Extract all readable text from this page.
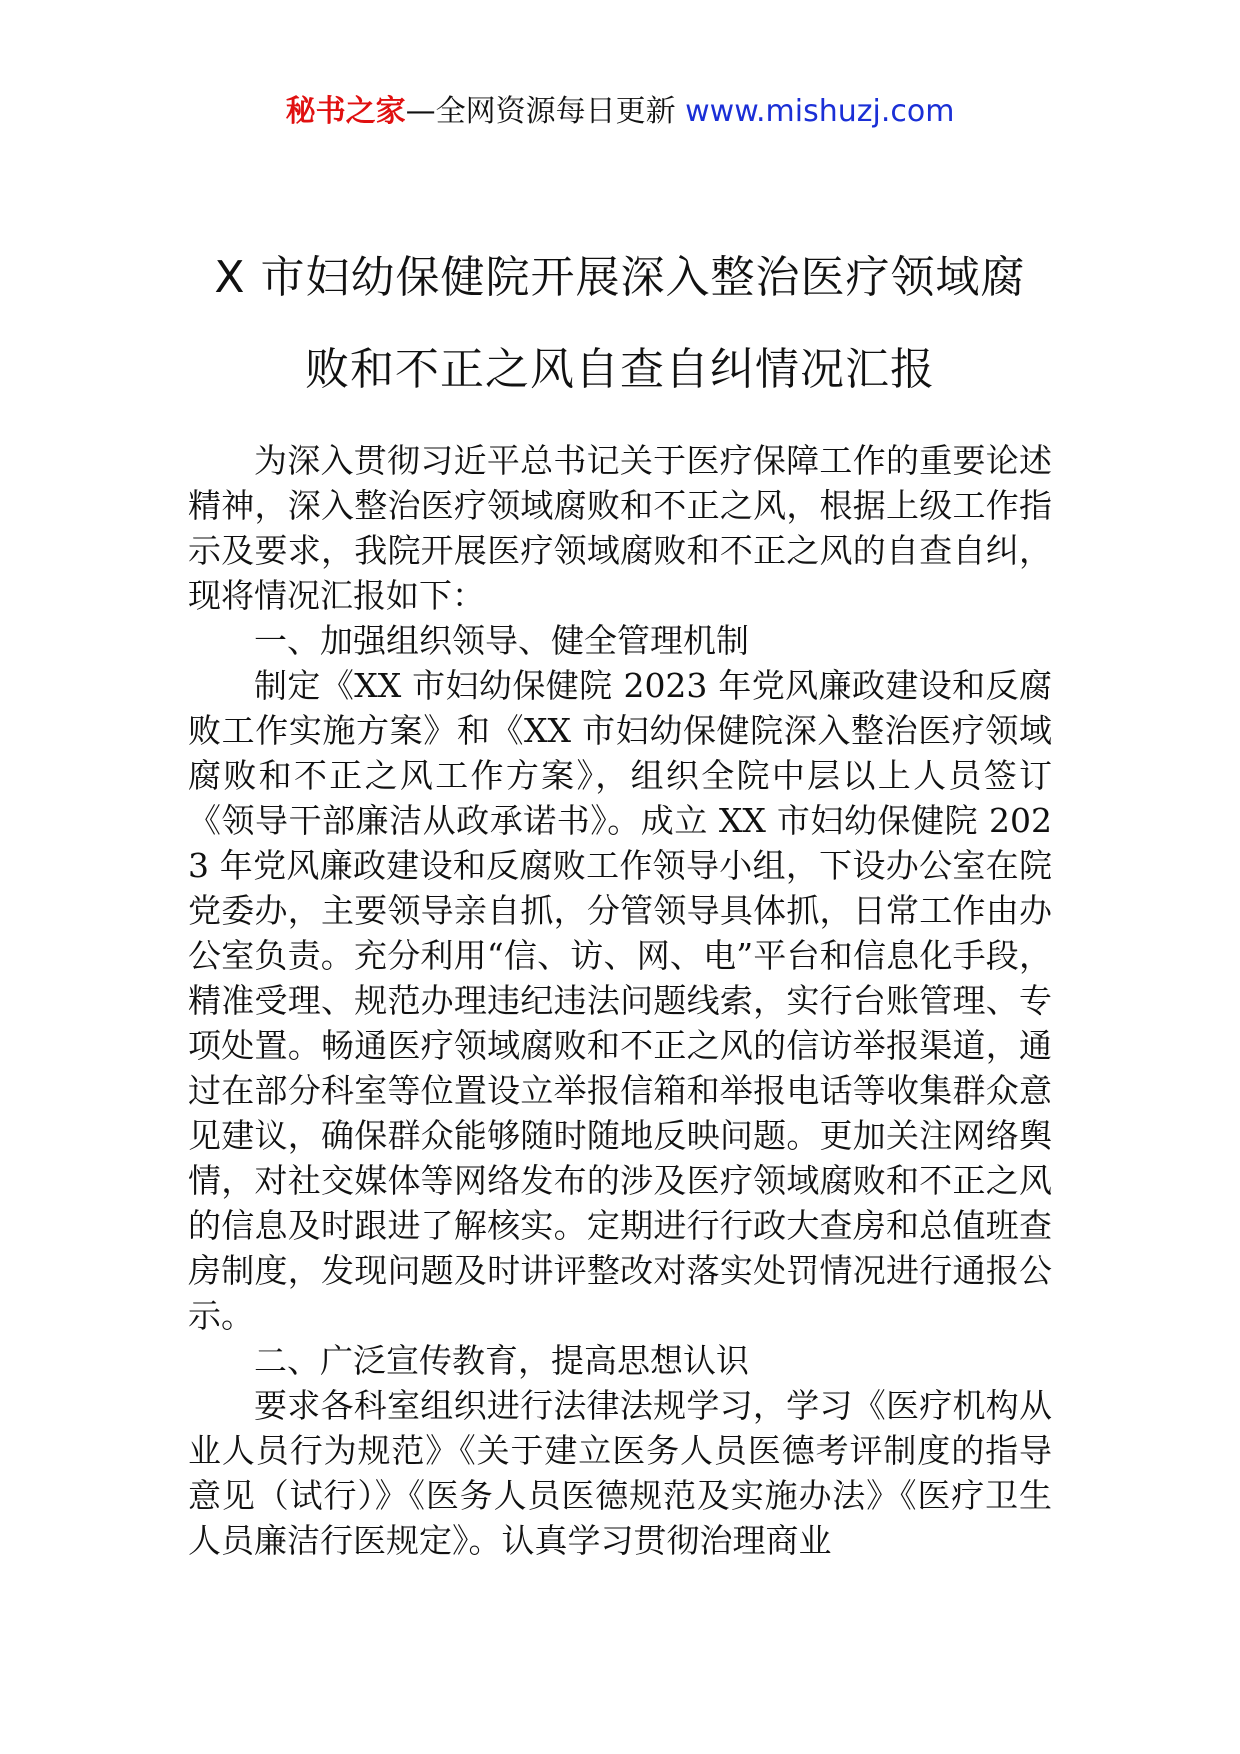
秘书之家—全网资源每日更新 www.mishuzj.com
X 市妇幼保健院开展深入整治医疗领域腐
败和不正之风自查自纠情况汇报

为深入贯彻习近平总书记关于医疗保障工作的重要论述精神，深入整治医疗领域腐败和不正之风，根据上级工作指示及要求，我院开展医疗领域腐败和不正之风的自查自纠，现将情况汇报如下：

一、加强组织领导、健全管理机制

制定《XX 市妇幼保健院 2023 年党风廉政建设和反腐败工作实施方案》和《XX 市妇幼保健院深入整治医疗领域腐败和不正之风工作方案》，组织全院中层以上人员签订《领导干部廉洁从政承诺书》。成立 XX 市妇幼保健院 2023 年党风廉政建设和反腐败工作领导小组，下设办公室在院党委办，主要领导亲自抓，分管领导具体抓，日常工作由办公室负责。充分利用“信、访、网、电”平台和信息化手段，精准受理、规范办理违纪违法问题线索，实行台账管理、专项处置。畅通医疗领域腐败和不正之风的信访举报渠道，通过在部分科室等位置设立举报信箱和举报电话等收集群众意见建议，确保群众能够随时随地反映问题。更加关注网络舆情，对社交媒体等网络发布的涉及医疗领域腐败和不正之风的信息及时跟进了解核实。定期进行行政大查房和总值班查房制度，发现问题及时讲评整改对落实处罚情况进行通报公示。

二、广泛宣传教育，提高思想认识

要求各科室组织进行法律法规学习，学习《医疗机构从业人员行为规范》《关于建立医务人员医德考评制度的指导意见（试行）》《医务人员医德规范及实施办法》《医疗卫生人员廉洁行医规定》。认真学习贯彻治理商业
